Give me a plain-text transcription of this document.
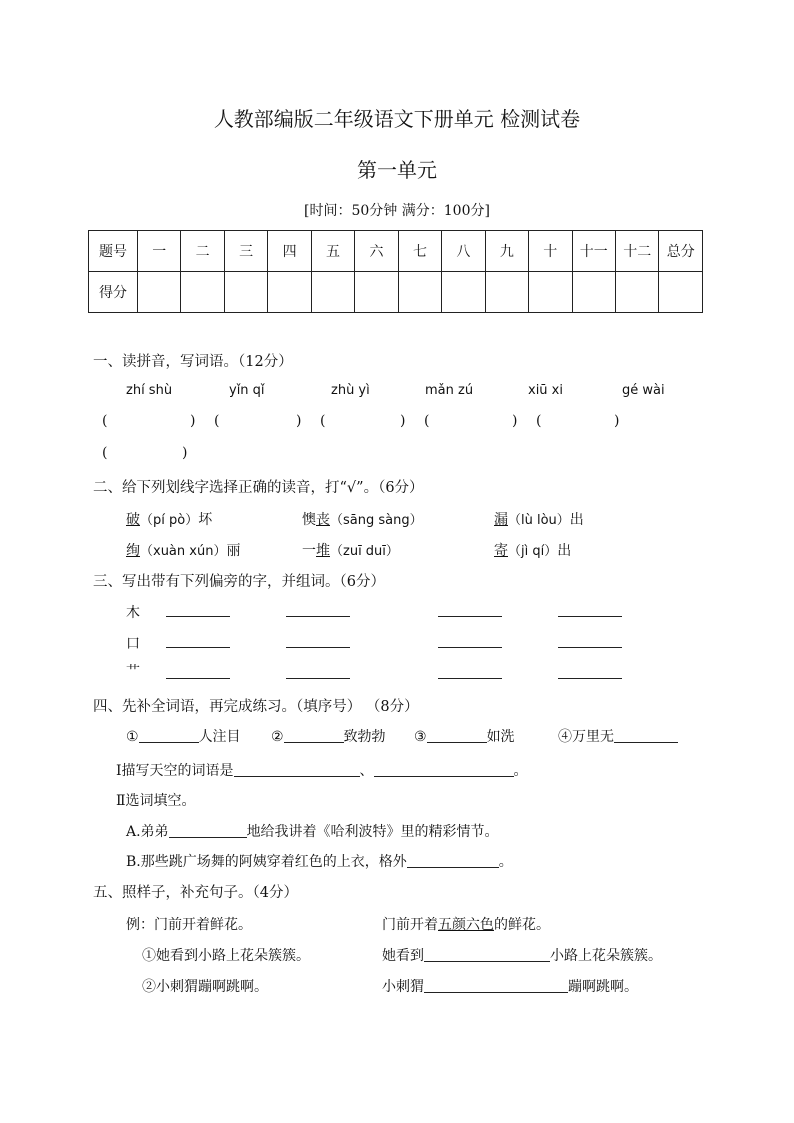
人教部编版二年级语文下册单元 检测试卷
第一单元
[时间：50分钟 满分：100分]
题号	一	二	三	四	五	六	七	八	九	十	十一	十二	总分
得分													
一、读拼音，写词语。（12分）
zhí shù	yǐn qǐ	zhù yì	mǎn zú	xiū xi	gé wài
(	) (	) (	) (	) (	)
(	)
二、给下列划线字选择正确的读音，打“√”。（6分）
破（pí pò）坏	懊丧（sāng sàng）	漏（lù lòu）出
绚（xuàn xún）丽	一堆（zuī duī）	寄（jì qí）出
三、写出带有下列偏旁的字，并组词。（6分）
木
口
艹
四、先补全词语，再完成练习。（填序号） （8分）
①	人注目 ②	致勃勃 ③	如洗	④万里无
Ⅰ描写天空的词语是	、	。
Ⅱ选词填空。
A.弟弟	地给我讲着《哈利波特》里的精彩情节。
B.那些跳广场舞的阿姨穿着红色的上衣，格外	。
五、照样子，补充句子。（4分）
例：门前开着鲜花。	门前开着五颜六色的鲜花。
①她看到小路上花朵簇簇。	她看到	小路上花朵簇簇。
②小刺猬蹦啊跳啊。	小刺猬	蹦啊跳啊。
